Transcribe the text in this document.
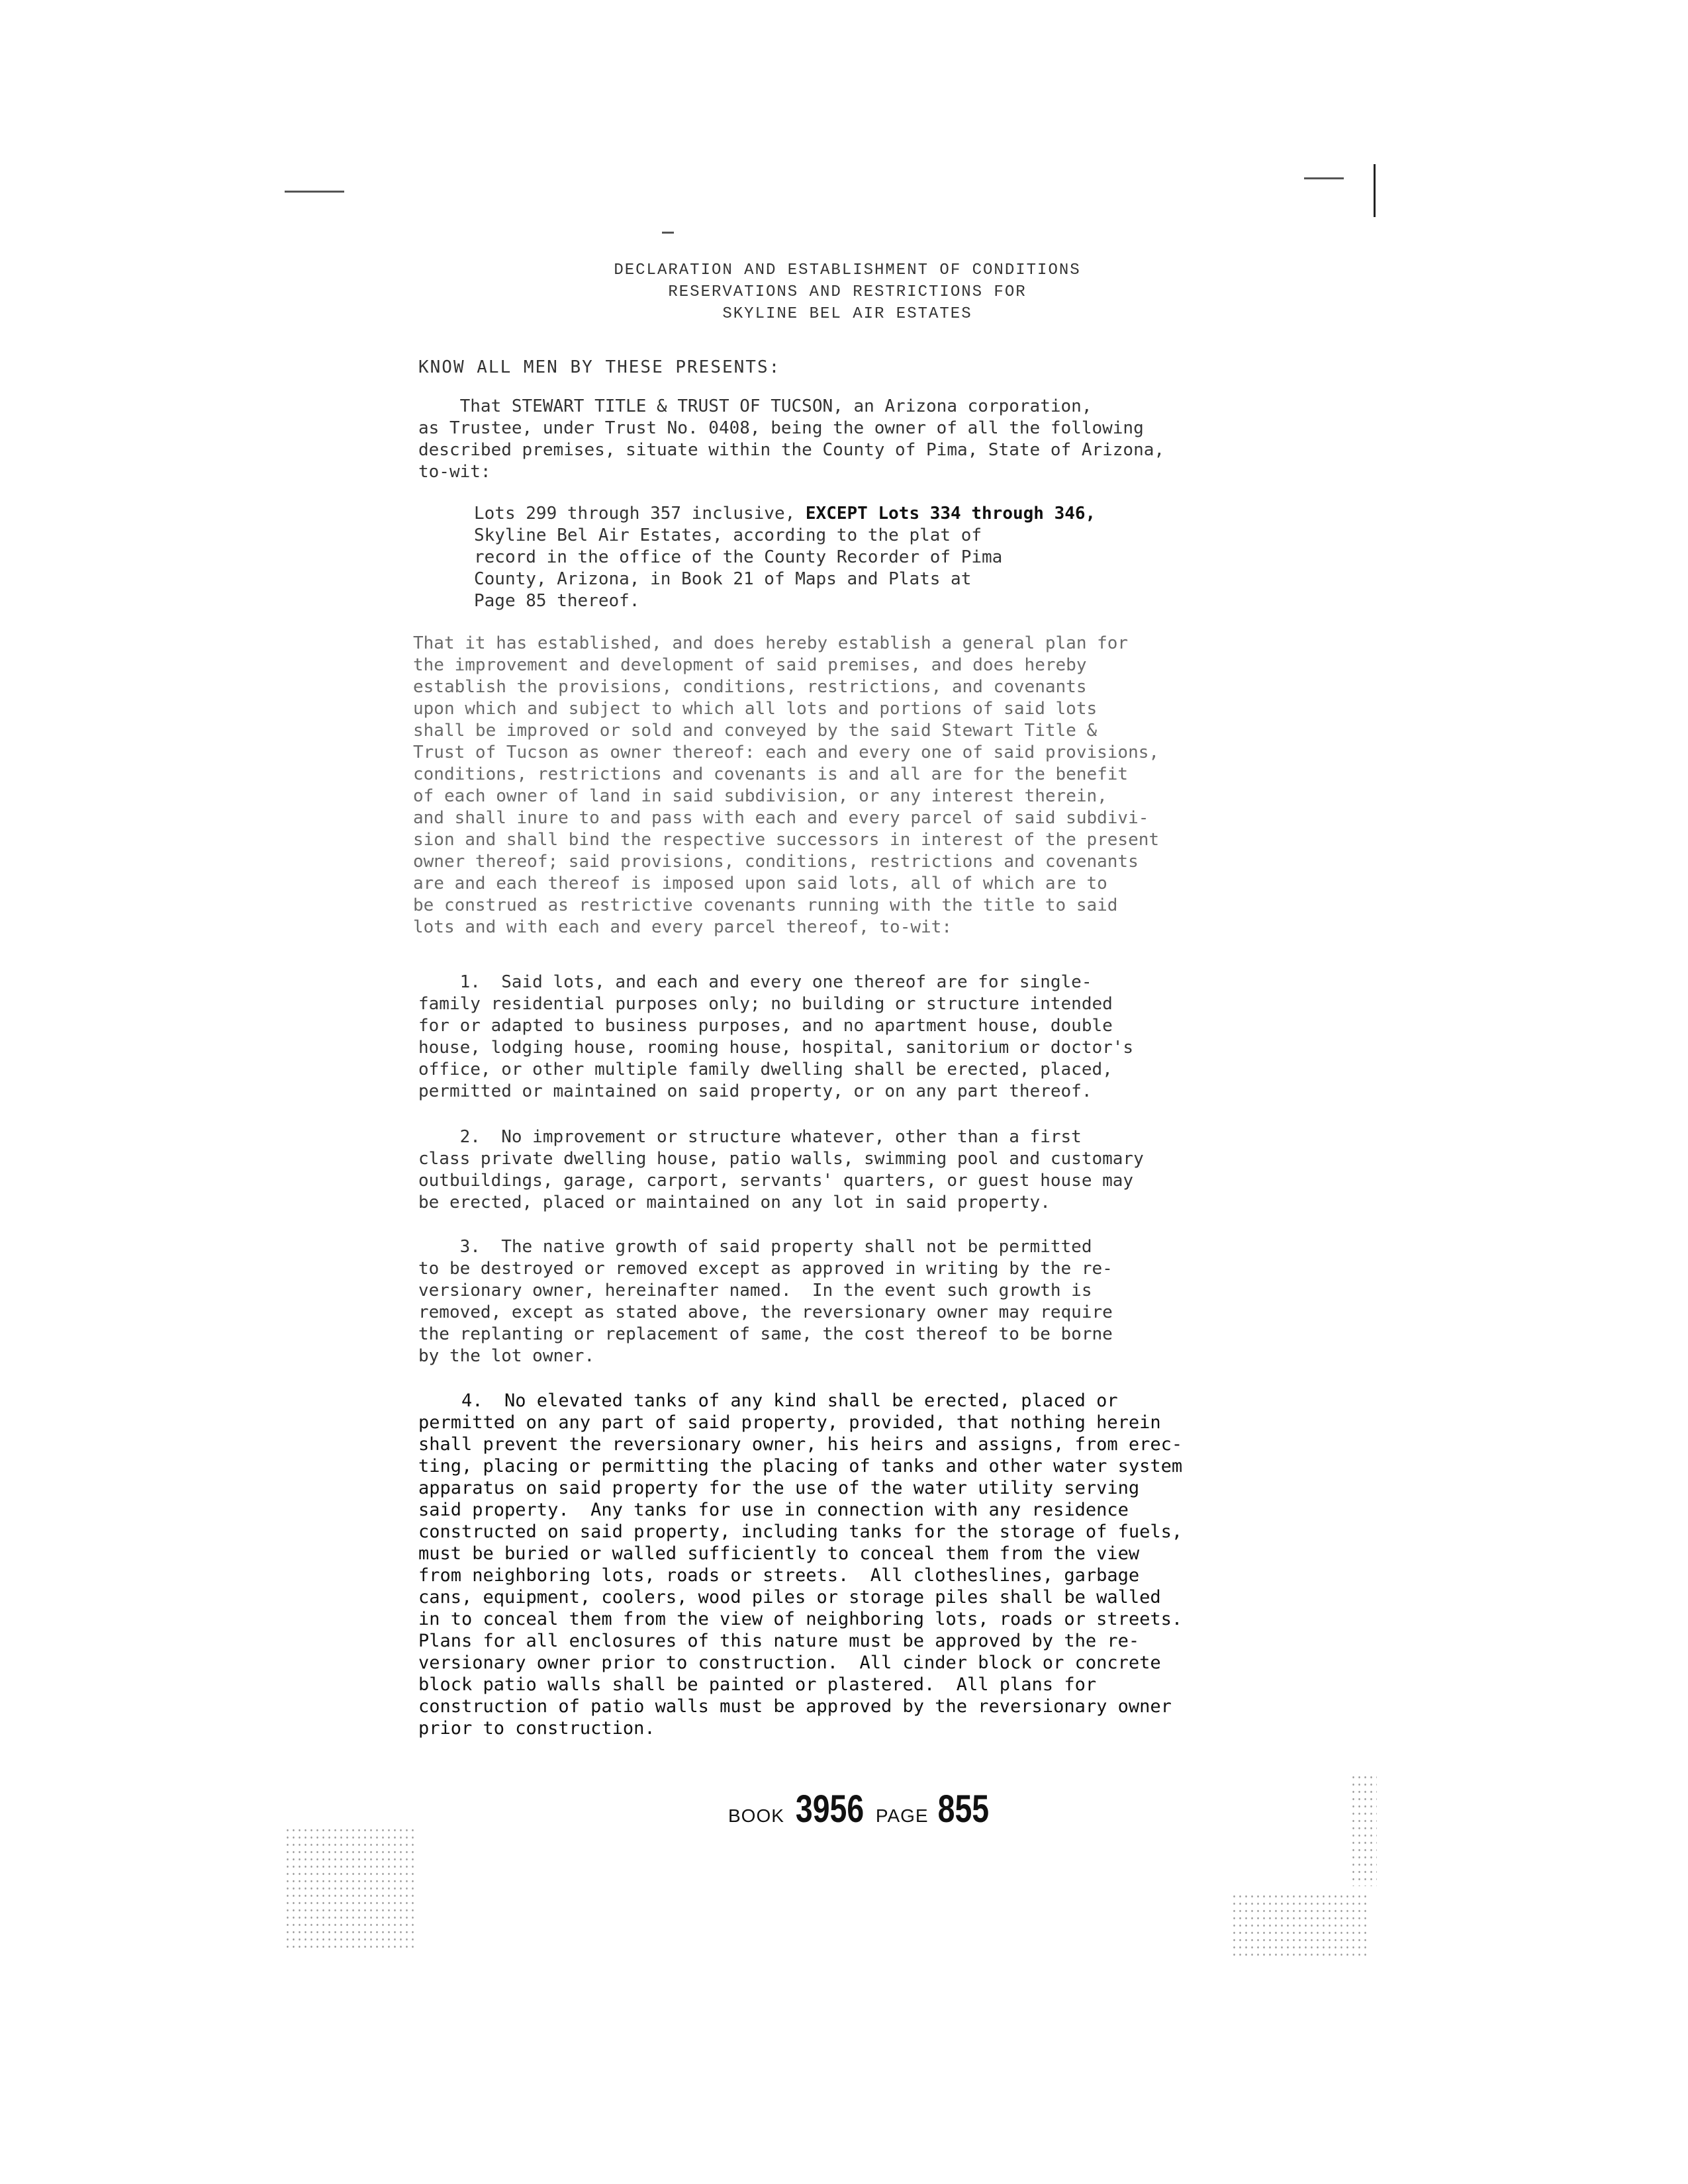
DECLARATION AND ESTABLISHMENT OF CONDITIONS
RESERVATIONS AND RESTRICTIONS FOR
SKYLINE BEL AIR ESTATES

KNOW ALL MEN BY THESE PRESENTS:

That STEWART TITLE & TRUST OF TUCSON, an Arizona corporation,
as Trustee, under Trust No. 0408, being the owner of all the following
described premises, situate within the County of Pima, State of Arizona,
to-wit:

Lots 299 through 357 inclusive, EXCEPT Lots 334 through 346,
Skyline Bel Air Estates, according to the plat of
record in the office of the County Recorder of Pima
County, Arizona, in Book 21 of Maps and Plats at
Page 85 thereof.

That it has established, and does hereby establish a general plan for
the improvement and development of said premises, and does hereby
establish the provisions, conditions, restrictions, and covenants
upon which and subject to which all lots and portions of said lots
shall be improved or sold and conveyed by the said Stewart Title &
Trust of Tucson as owner thereof: each and every one of said provisions,
conditions, restrictions and covenants is and all are for the benefit
of each owner of land in said subdivision, or any interest therein,
and shall inure to and pass with each and every parcel of said subdivi-
sion and shall bind the respective successors in interest of the present
owner thereof; said provisions, conditions, restrictions and covenants
are and each thereof is imposed upon said lots, all of which are to
be construed as restrictive covenants running with the title to said
lots and with each and every parcel thereof, to-wit:

1.  Said lots, and each and every one thereof are for single-
family residential purposes only; no building or structure intended
for or adapted to business purposes, and no apartment house, double
house, lodging house, rooming house, hospital, sanitorium or doctor's
office, or other multiple family dwelling shall be erected, placed,
permitted or maintained on said property, or on any part thereof.

2.  No improvement or structure whatever, other than a first
class private dwelling house, patio walls, swimming pool and customary
outbuildings, garage, carport, servants' quarters, or guest house may
be erected, placed or maintained on any lot in said property.

3.  The native growth of said property shall not be permitted
to be destroyed or removed except as approved in writing by the re-
versionary owner, hereinafter named.  In the event such growth is
removed, except as stated above, the reversionary owner may require
the replanting or replacement of same, the cost thereof to be borne
by the lot owner.

4.  No elevated tanks of any kind shall be erected, placed or
permitted on any part of said property, provided, that nothing herein
shall prevent the reversionary owner, his heirs and assigns, from erec-
ting, placing or permitting the placing of tanks and other water system
apparatus on said property for the use of the water utility serving
said property.  Any tanks for use in connection with any residence
constructed on said property, including tanks for the storage of fuels,
must be buried or walled sufficiently to conceal them from the view
from neighboring lots, roads or streets.  All clotheslines, garbage
cans, equipment, coolers, wood piles or storage piles shall be walled
in to conceal them from the view of neighboring lots, roads or streets.
Plans for all enclosures of this nature must be approved by the re-
versionary owner prior to construction.  All cinder block or concrete
block patio walls shall be painted or plastered.  All plans for
construction of patio walls must be approved by the reversionary owner
prior to construction.

BOOK 3956 PAGE 855
